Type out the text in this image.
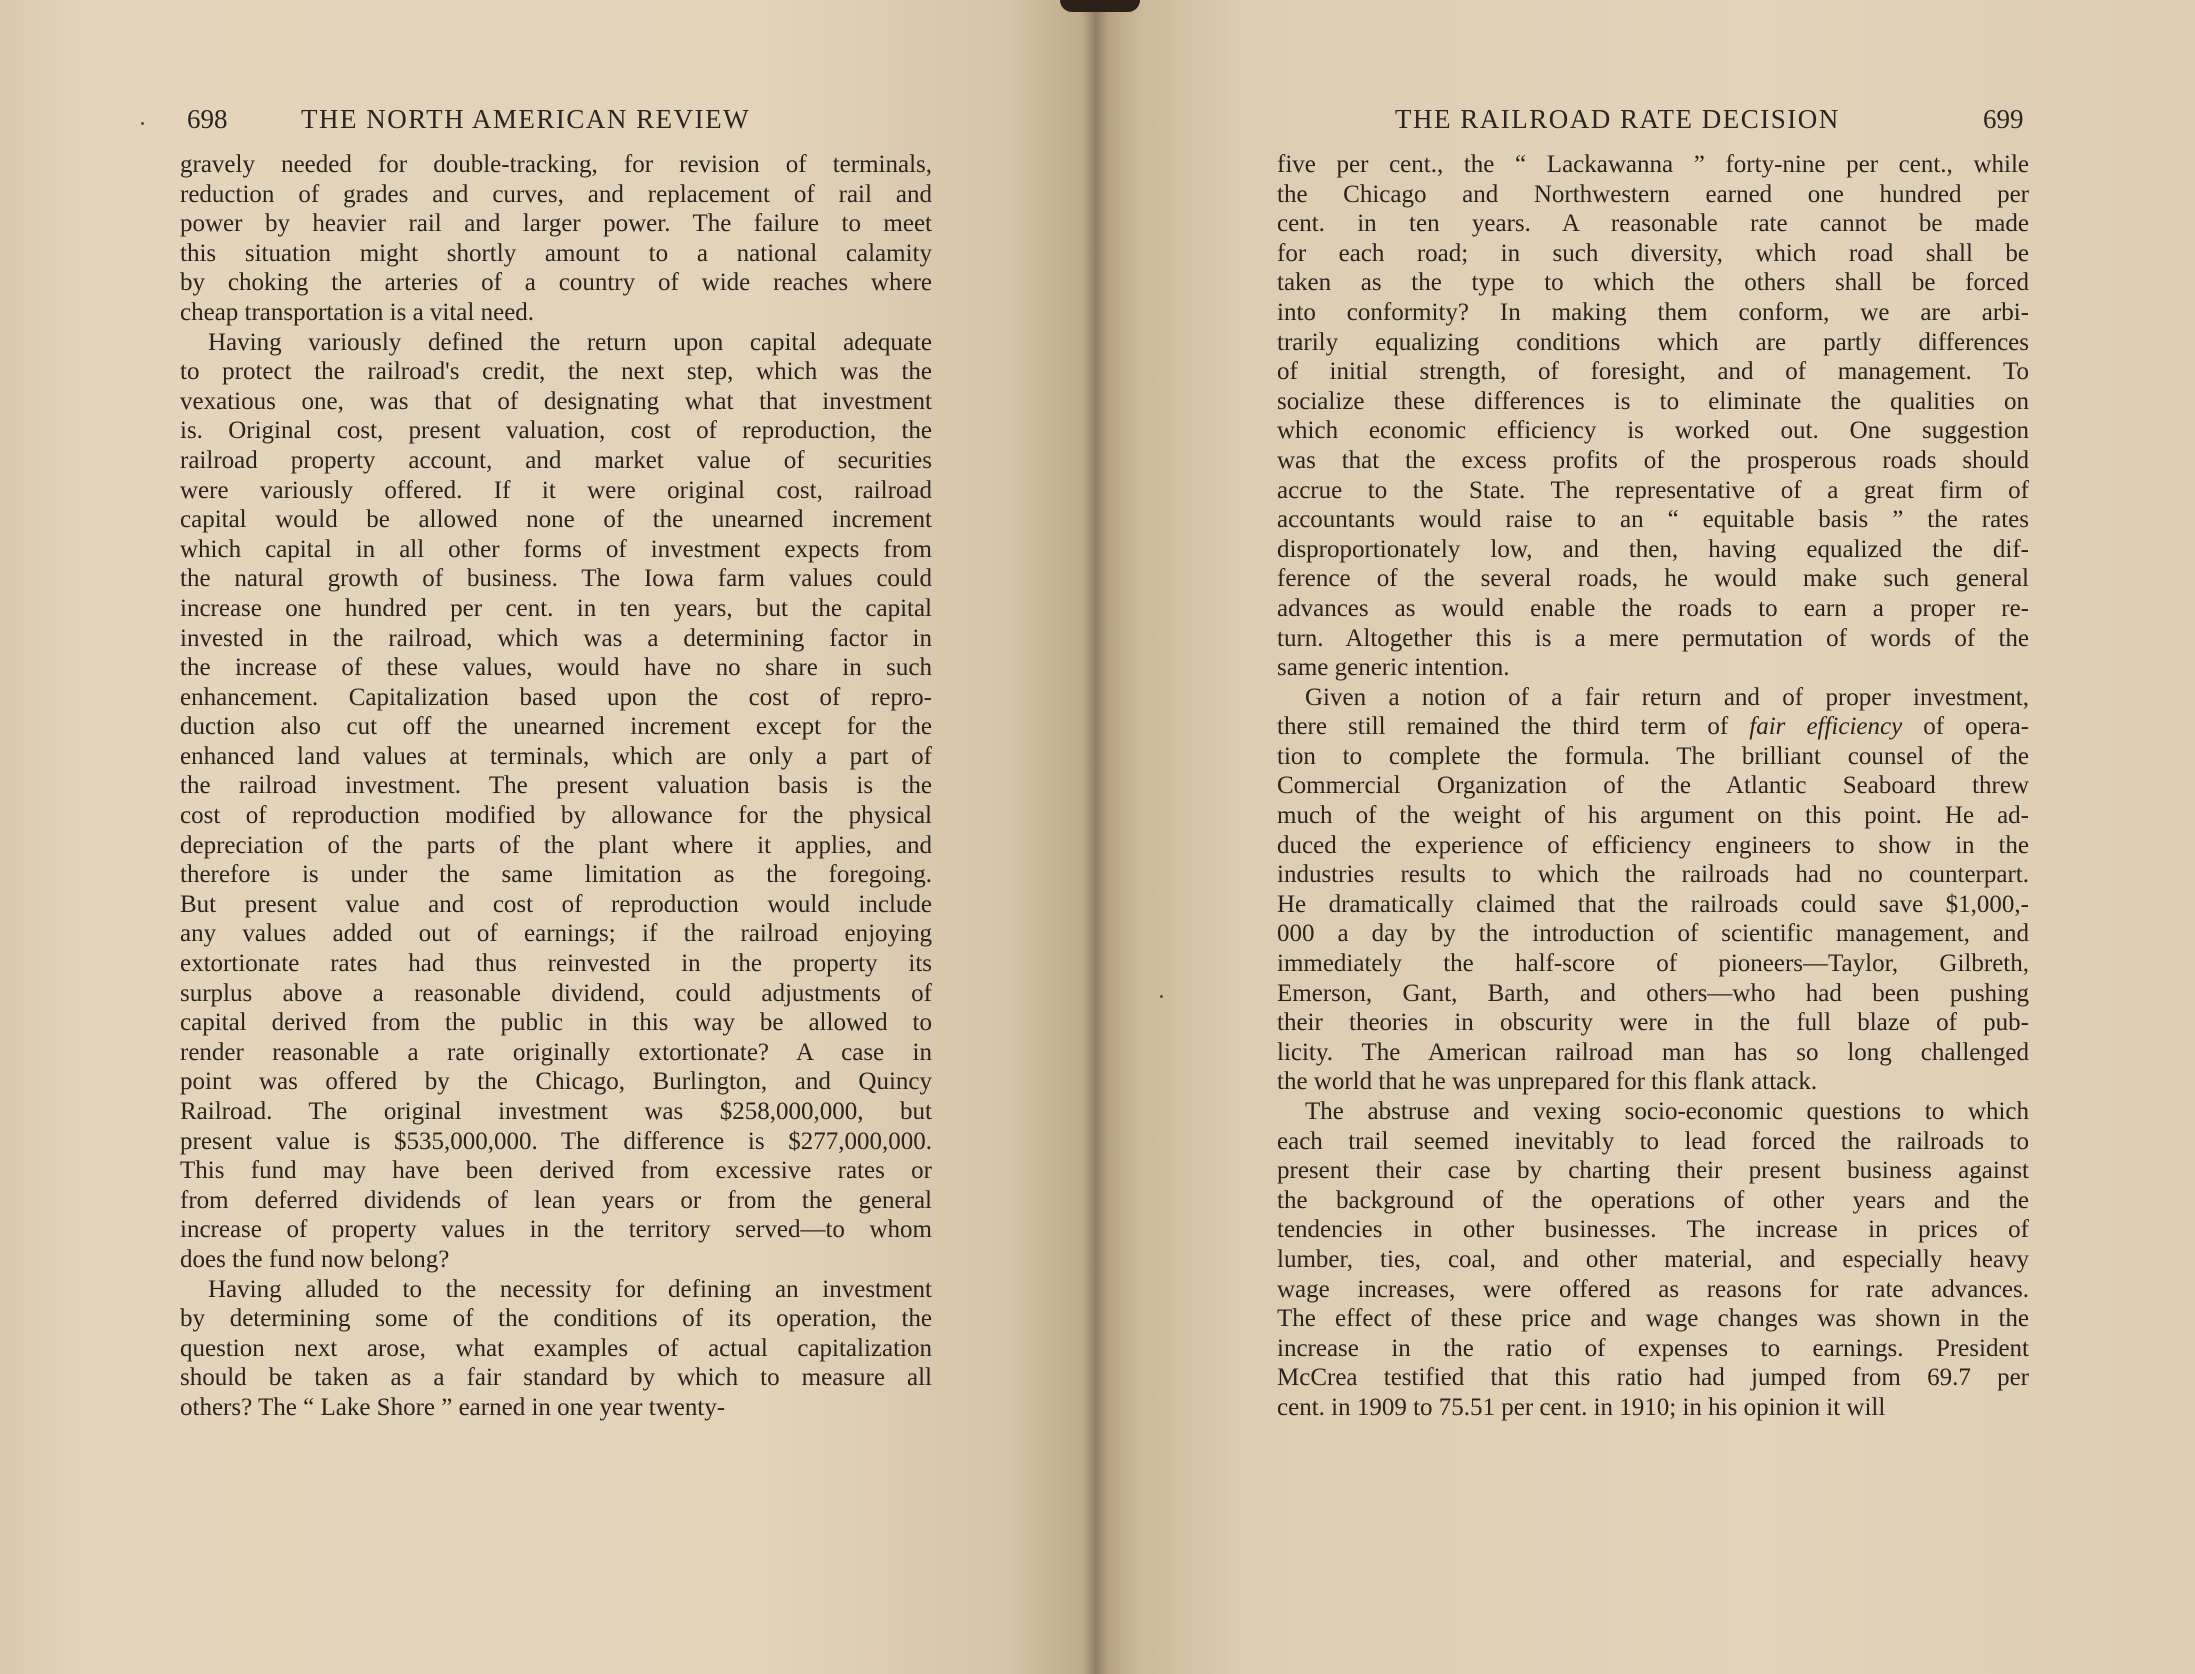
698	THE NORTH AMERICAN REVIEW	THE RAILROAD RATE DECISION	699
gravely needed for double-tracking, for revision of terminals,
reduction of grades and curves, and replacement of rail and
power by heavier rail and larger power. The failure to meet
this situation might shortly amount to a national calamity
by choking the arteries of a country of wide reaches where
cheap transportation is a vital need.
Having variously defined the return upon capital adequate
to protect the railroad's credit, the next step, which was the
vexatious one, was that of designating what that investment
is. Original cost, present valuation, cost of reproduction, the
railroad property account, and market value of securities
were variously offered. If it were original cost, railroad
capital would be allowed none of the unearned increment
which capital in all other forms of investment expects from
the natural growth of business. The Iowa farm values could
increase one hundred per cent. in ten years, but the capital
invested in the railroad, which was a determining factor in
the increase of these values, would have no share in such
enhancement. Capitalization based upon the cost of repro-
duction also cut off the unearned increment except for the
enhanced land values at terminals, which are only a part of
the railroad investment. The present valuation basis is the
cost of reproduction modified by allowance for the physical
depreciation of the parts of the plant where it applies, and
therefore is under the same limitation as the foregoing.
But present value and cost of reproduction would include
any values added out of earnings; if the railroad enjoying
extortionate rates had thus reinvested in the property its
surplus above a reasonable dividend, could adjustments of
capital derived from the public in this way be allowed to
render reasonable a rate originally extortionate? A case in
point was offered by the Chicago, Burlington, and Quincy
Railroad. The original investment was $258,000,000, but
present value is $535,000,000. The difference is $277,000,000.
This fund may have been derived from excessive rates or
from deferred dividends of lean years or from the general
increase of property values in the territory served—to whom
does the fund now belong?
Having alluded to the necessity for defining an investment
by determining some of the conditions of its operation, the
question next arose, what examples of actual capitalization
should be taken as a fair standard by which to measure all
others? The “ Lake Shore ” earned in one year twenty-
five per cent., the “ Lackawanna ” forty-nine per cent., while
the Chicago and Northwestern earned one hundred per
cent. in ten years. A reasonable rate cannot be made
for each road; in such diversity, which road shall be
taken as the type to which the others shall be forced
into conformity? In making them conform, we are arbi-
trarily equalizing conditions which are partly differences
of initial strength, of foresight, and of management. To
socialize these differences is to eliminate the qualities on
which economic efficiency is worked out. One suggestion
was that the excess profits of the prosperous roads should
accrue to the State. The representative of a great firm of
accountants would raise to an “ equitable basis ” the rates
disproportionately low, and then, having equalized the dif-
ference of the several roads, he would make such general
advances as would enable the roads to earn a proper re-
turn. Altogether this is a mere permutation of words of the
same generic intention.
Given a notion of a fair return and of proper investment,
there still remained the third term of fair efficiency of opera-
tion to complete the formula. The brilliant counsel of the
Commercial Organization of the Atlantic Seaboard threw
much of the weight of his argument on this point. He ad-
duced the experience of efficiency engineers to show in the
industries results to which the railroads had no counterpart.
He dramatically claimed that the railroads could save $1,000,-
000 a day by the introduction of scientific management, and
immediately the half-score of pioneers—Taylor, Gilbreth,
Emerson, Gant, Barth, and others—who had been pushing
their theories in obscurity were in the full blaze of pub-
licity. The American railroad man has so long challenged
the world that he was unprepared for this flank attack.
The abstruse and vexing socio-economic questions to which
each trail seemed inevitably to lead forced the railroads to
present their case by charting their present business against
the background of the operations of other years and the
tendencies in other businesses. The increase in prices of
lumber, ties, coal, and other material, and especially heavy
wage increases, were offered as reasons for rate advances.
The effect of these price and wage changes was shown in the
increase in the ratio of expenses to earnings. President
McCrea testified that this ratio had jumped from 69.7 per
cent. in 1909 to 75.51 per cent. in 1910; in his opinion it will
